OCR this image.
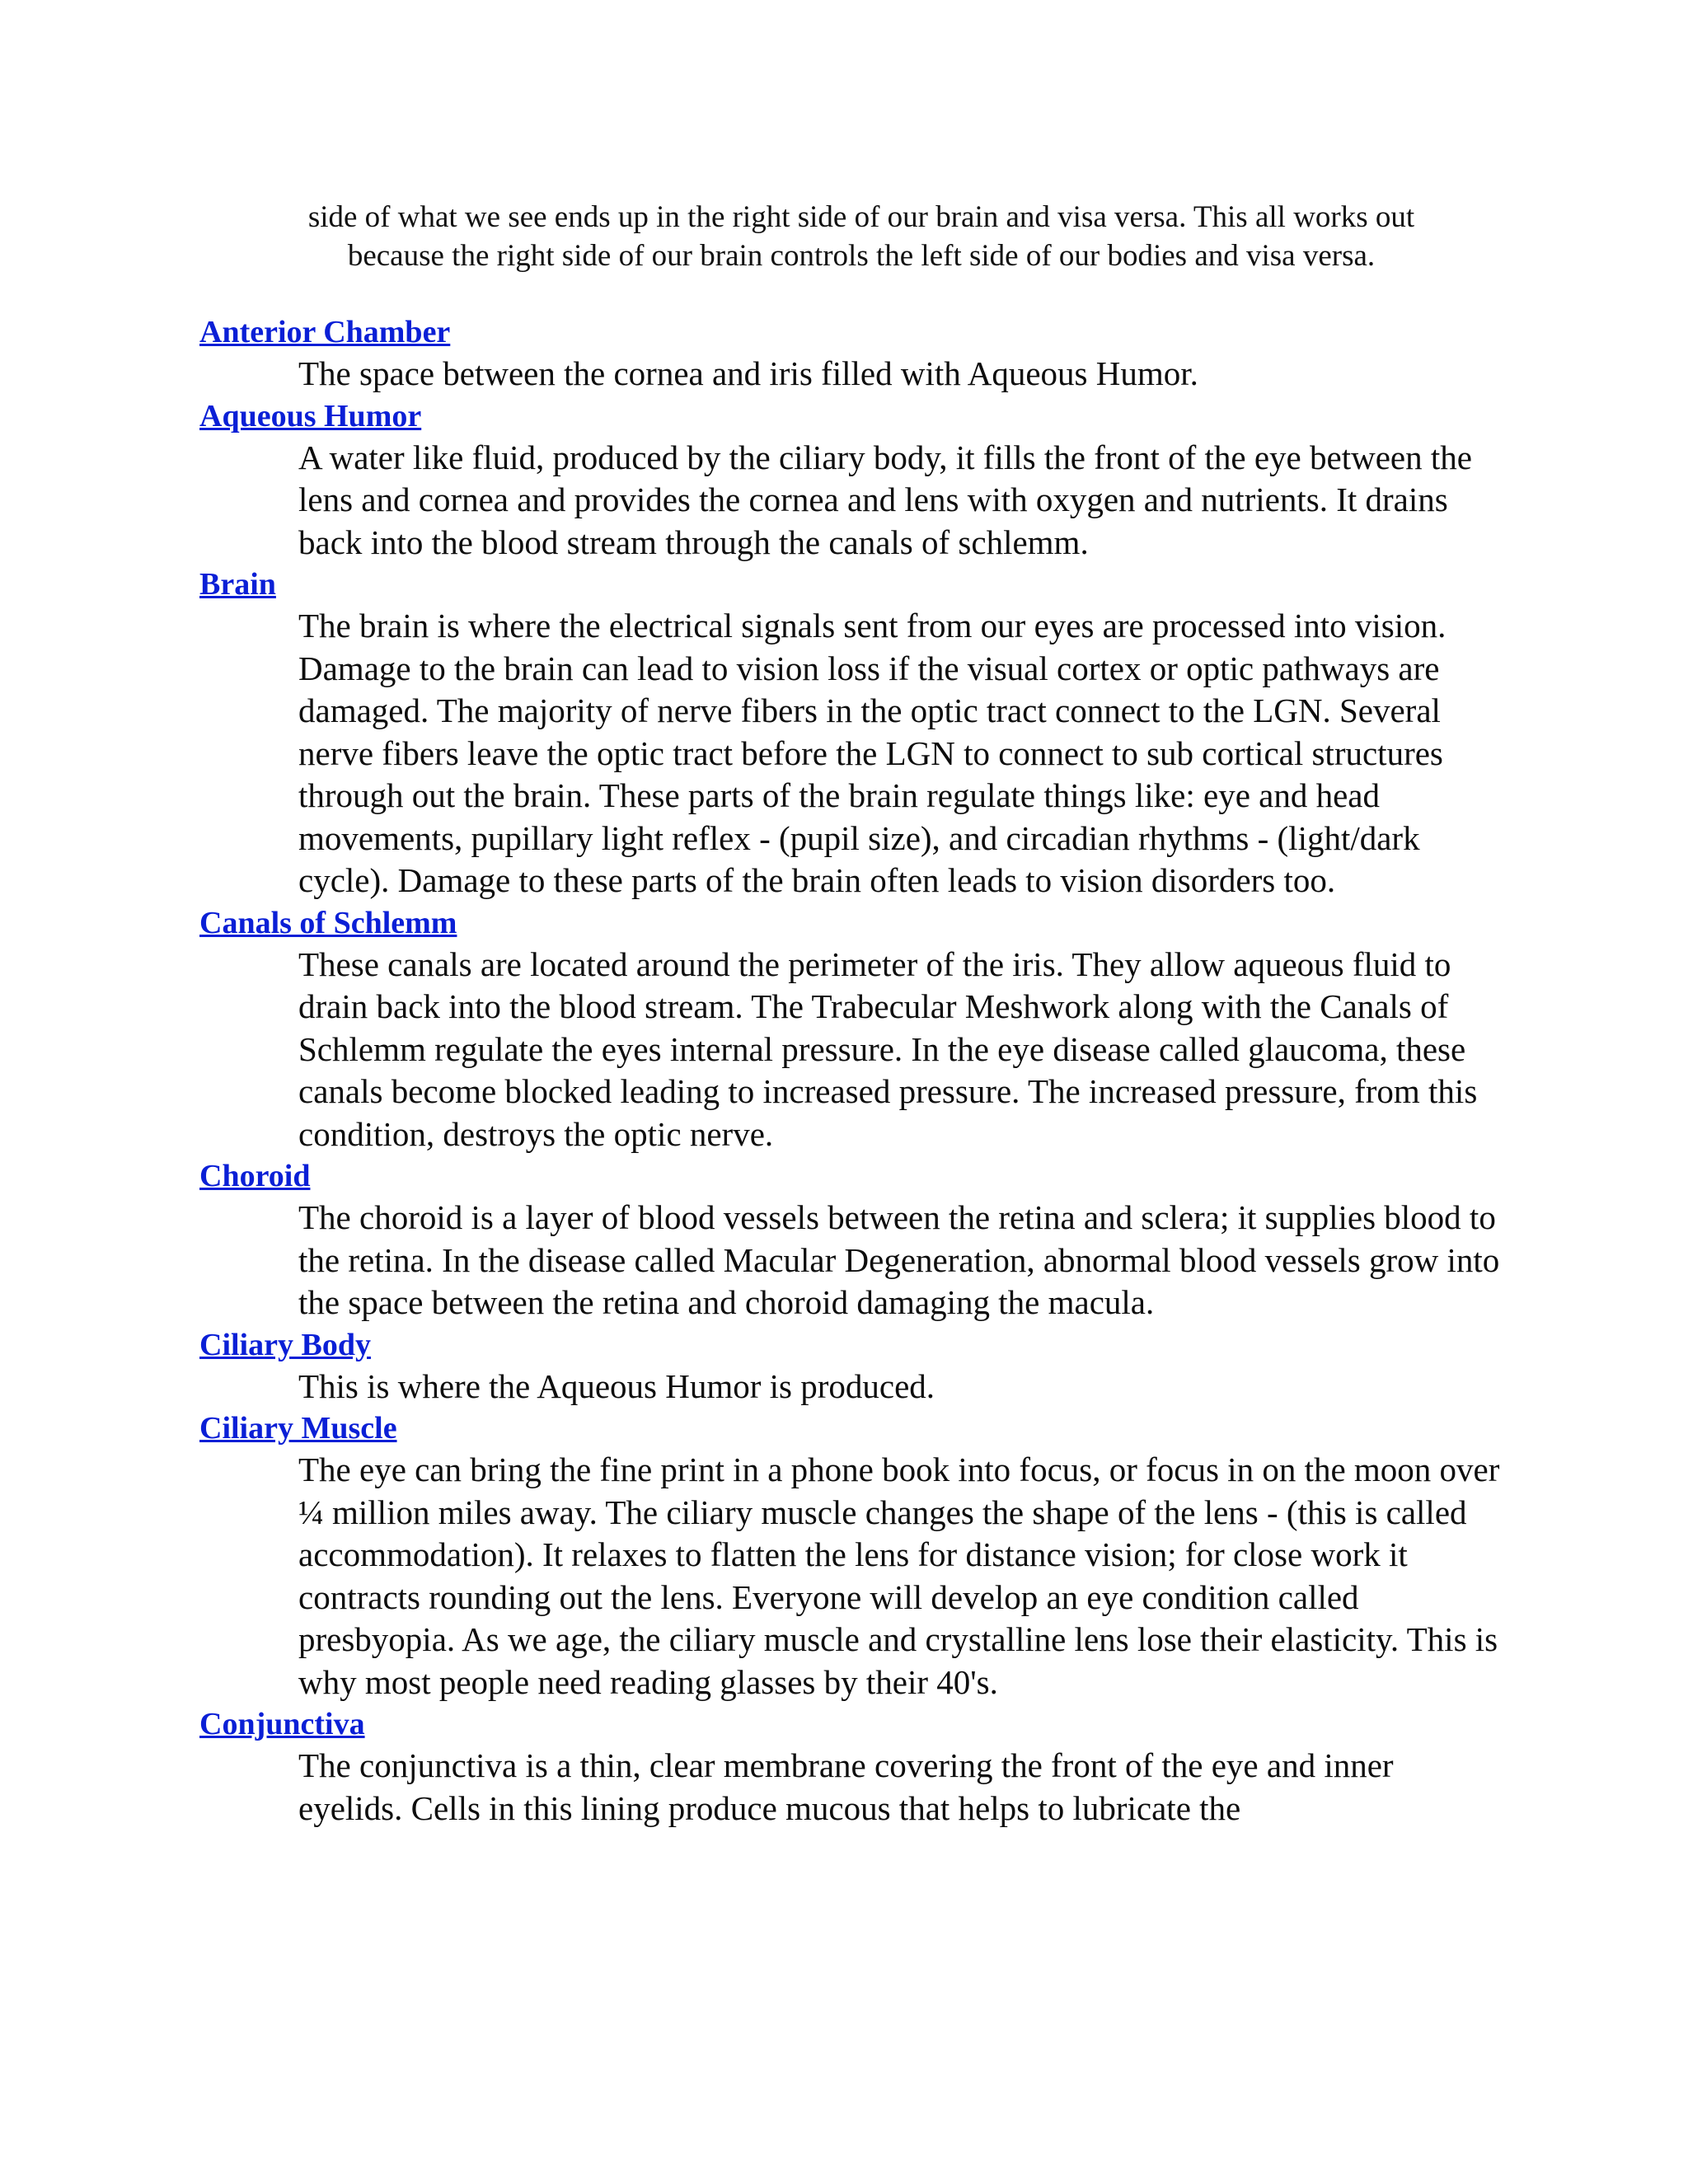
side of what we see ends up in the right side of our brain and visa versa. This all works out
because the right side of our brain controls the left side of our bodies and visa versa.
Anterior Chamber
The space between the cornea and iris filled with Aqueous Humor.
Aqueous Humor
A water like fluid, produced by the ciliary body, it fills the front of the eye between the lens and cornea and provides the cornea and lens with oxygen and nutrients. It drains back into the blood stream through the canals of schlemm.
Brain
The brain is where the electrical signals sent from our eyes are processed into vision. Damage to the brain can lead to vision loss if the visual cortex or optic pathways are damaged. The majority of nerve fibers in the optic tract connect to the LGN. Several nerve fibers leave the optic tract before the LGN to connect to sub cortical structures through out the brain. These parts of the brain regulate things like: eye and head movements, pupillary light reflex - (pupil size), and circadian rhythms - (light/dark cycle). Damage to these parts of the brain often leads to vision disorders too.
Canals of Schlemm
These canals are located around the perimeter of the iris. They allow aqueous fluid to drain back into the blood stream. The Trabecular Meshwork along with the Canals of Schlemm regulate the eyes internal pressure. In the eye disease called glaucoma, these canals become blocked leading to increased pressure. The increased pressure, from this condition, destroys the optic nerve.
Choroid
The choroid is a layer of blood vessels between the retina and sclera; it supplies blood to the retina. In the disease called Macular Degeneration, abnormal blood vessels grow into the space between the retina and choroid damaging the macula.
Ciliary Body
This is where the Aqueous Humor is produced.
Ciliary Muscle
The eye can bring the fine print in a phone book into focus, or focus in on the moon over ¼ million miles away. The ciliary muscle changes the shape of the lens - (this is called accommodation). It relaxes to flatten the lens for distance vision; for close work it contracts rounding out the lens. Everyone will develop an eye condition called presbyopia. As we age, the ciliary muscle and crystalline lens lose their elasticity. This is why most people need reading glasses by their 40's.
Conjunctiva
The conjunctiva is a thin, clear membrane covering the front of the eye and inner eyelids. Cells in this lining produce mucous that helps to lubricate the
